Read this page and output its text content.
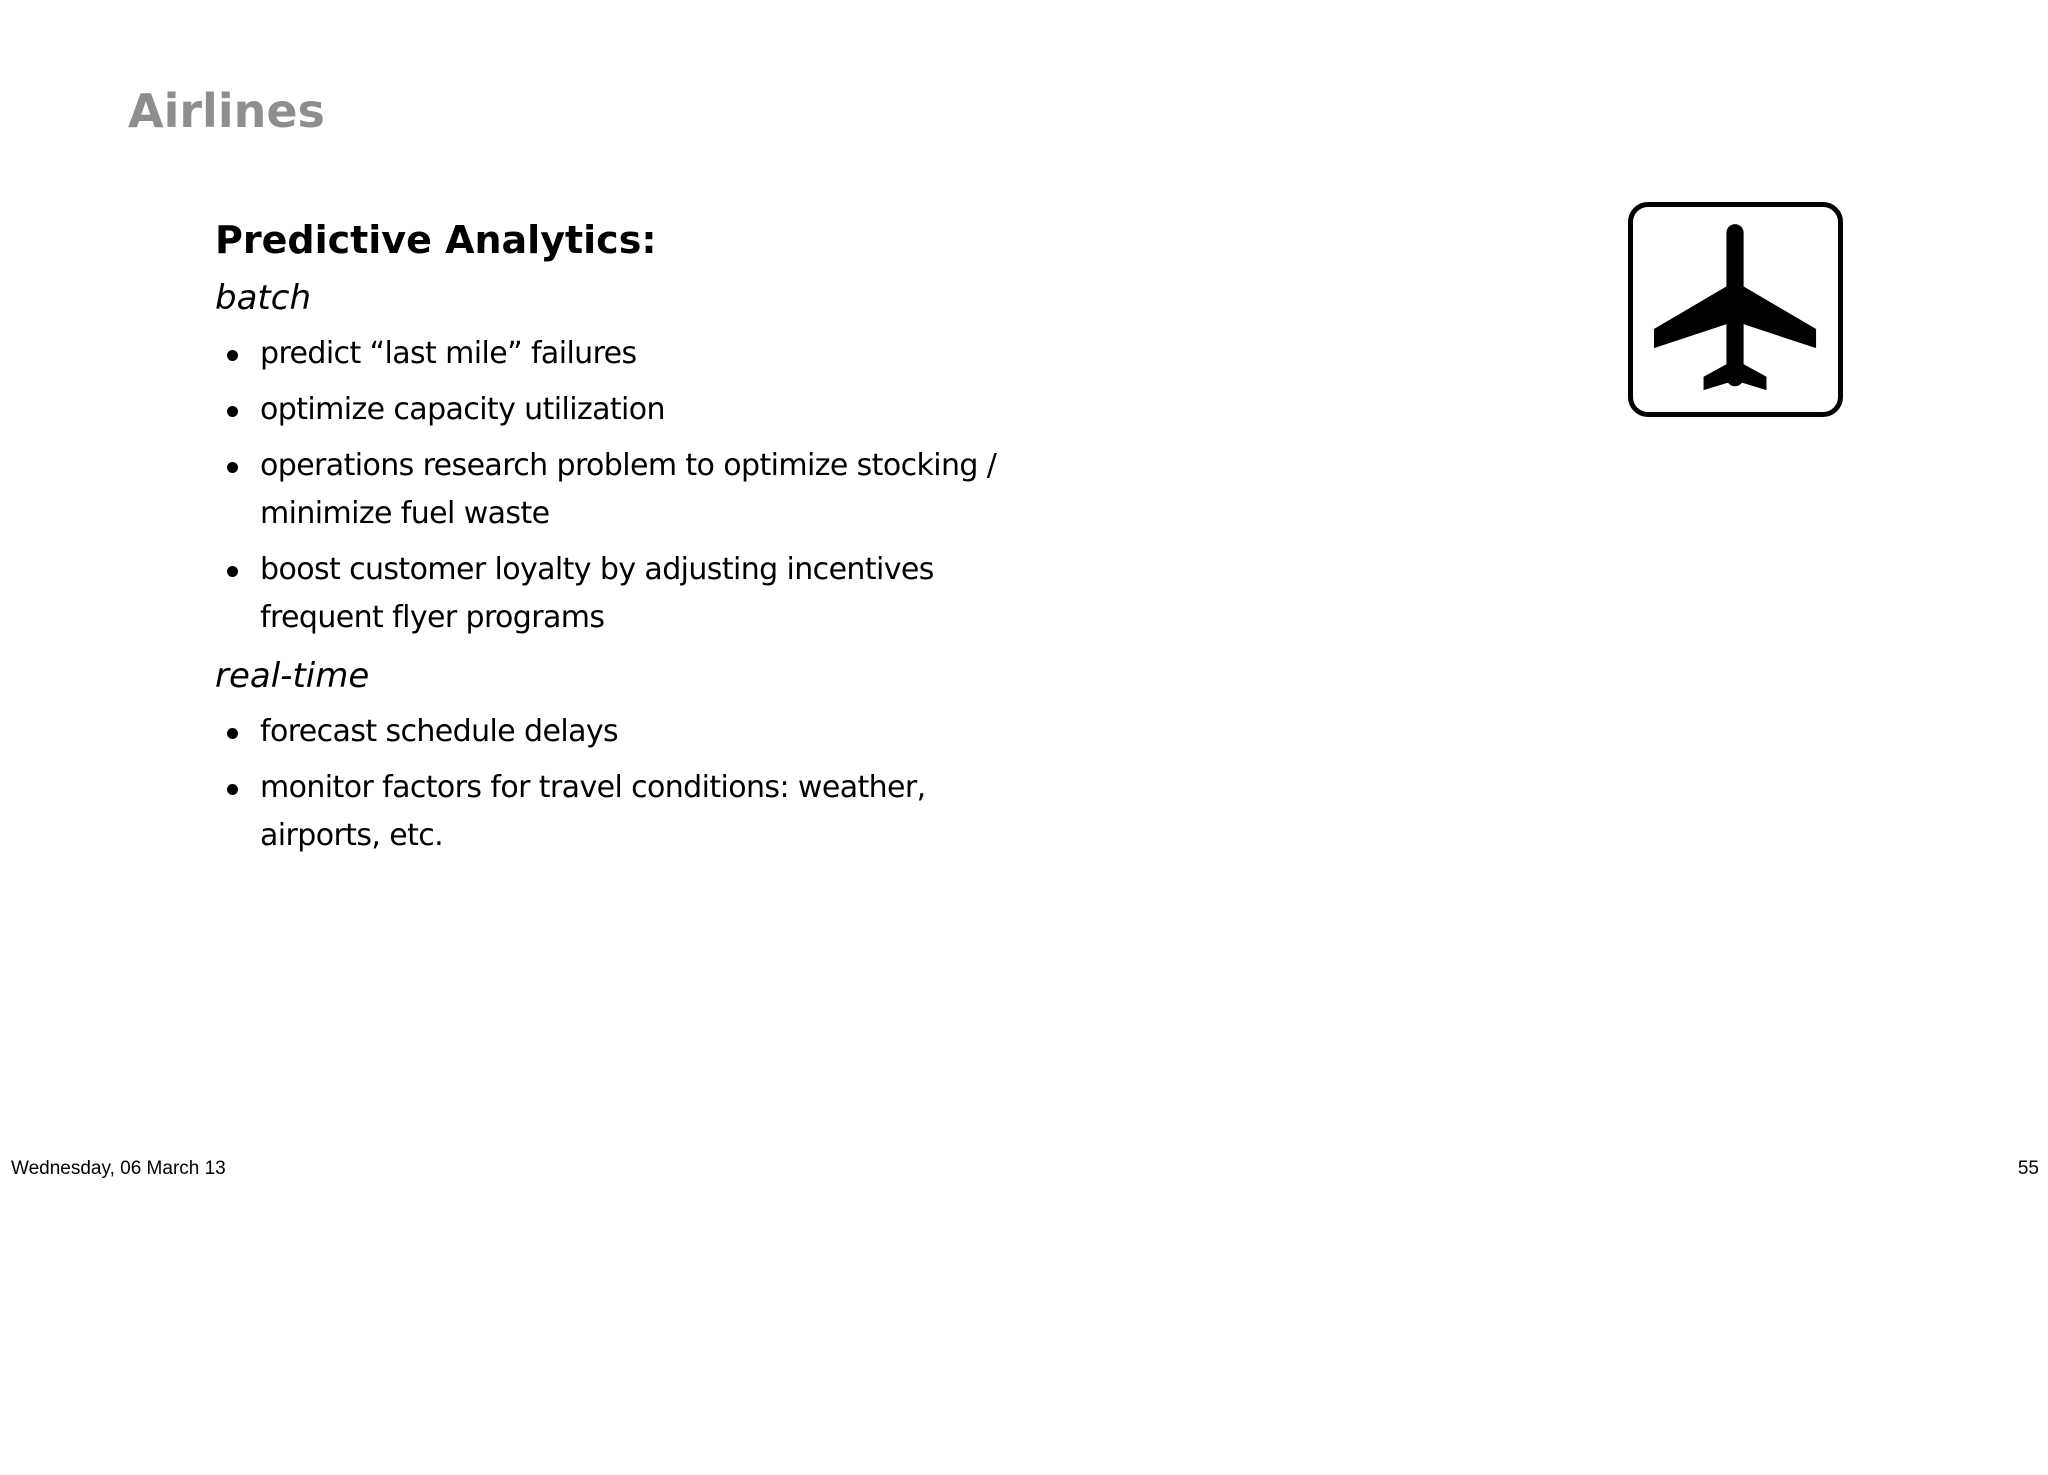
Airlines
Predictive Analytics:
batch
predict “last mile” failures
optimize capacity utilization
operations research problem to optimize stocking / minimize fuel waste
boost customer loyalty by adjusting incentives frequent flyer programs
real-time
forecast schedule delays
monitor factors for travel conditions: weather, airports, etc.
Wednesday, 06 March 13	55
